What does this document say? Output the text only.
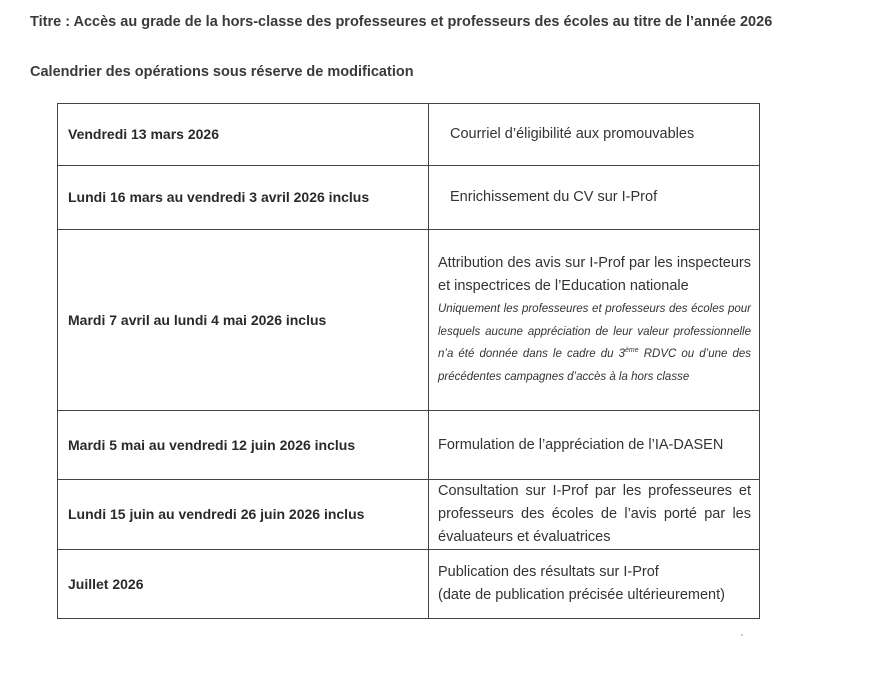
Titre : Accès au grade de la hors-classe des professeures et professeurs des écoles au titre de l’année 2026
Calendrier des opérations sous réserve de modification
Vendredi 13 mars 2026	Courriel d’éligibilité aux promouvables
Lundi 16 mars au vendredi 3 avril 2026 inclus	Enrichissement du CV sur I-Prof
Mardi 7 avril au lundi 4 mai 2026 inclus	Attribution des avis sur I-Prof par les inspecteurs et inspectrices de l’Education nationale
Uniquement les professeures et professeurs des écoles pour lesquels aucune appréciation de leur valeur professionnelle n’a été donnée dans le cadre du 3ème RDVC ou d’une des précédentes campagnes d’accès à la hors classe

Mardi 5 mai au vendredi 12 juin 2026 inclus	Formulation de l’appréciation de l’IA-DASEN
Lundi 15 juin au vendredi 26 juin 2026 inclus	Consultation sur I-Prof par les professeures et professeurs des écoles de l’avis porté par les évaluateurs et évaluatrices
Juillet 2026	Publication des résultats sur I-Prof
(date de publication précisée ultérieurement)
